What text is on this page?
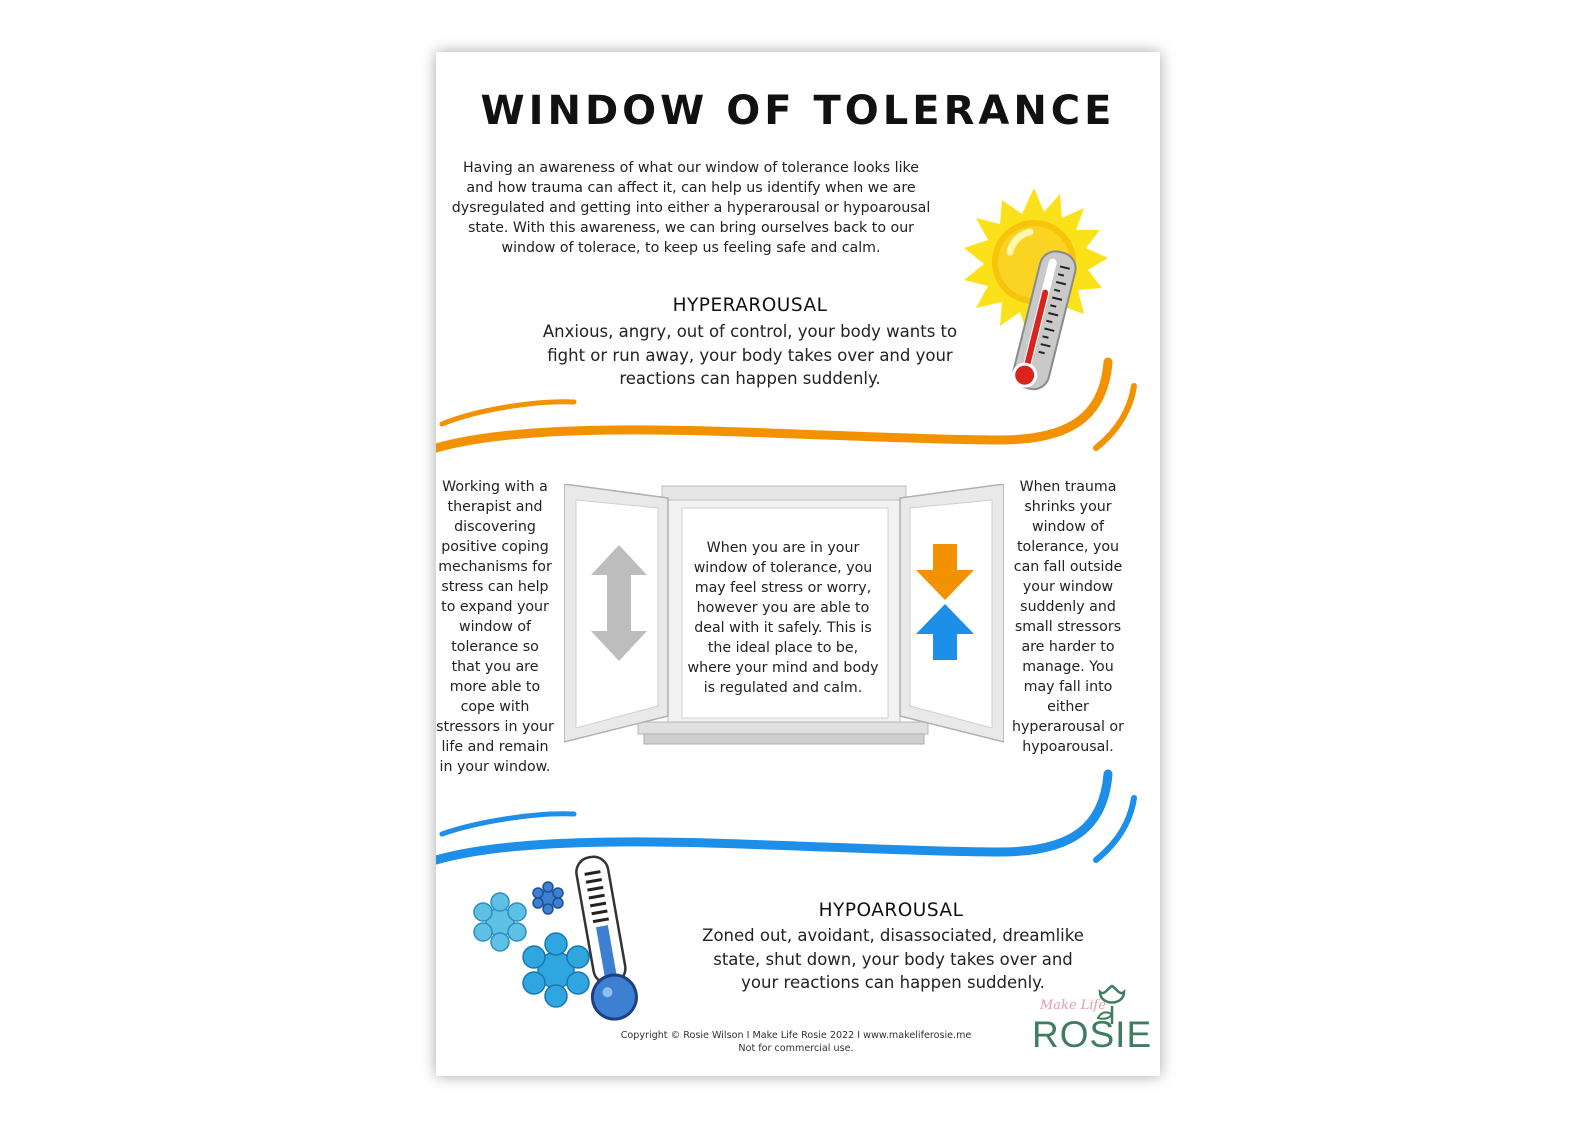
WINDOW OF TOLERANCE
Having an awareness of what our window of tolerance looks like and how trauma can affect it, can help us identify when we are dysregulated and getting into either a hyperarousal or hypoarousal state. With this awareness, we can bring ourselves back to our window of tolerace, to keep us feeling safe and calm.
HYPERAROUSAL
Anxious, angry, out of control, your body wants to fight or run away, your body takes over and your reactions can happen suddenly.
Working with a therapist and discovering positive coping mechanisms for stress can help to expand your window of tolerance so that you are more able to cope with stressors in your life and remain in your window.
When you are in your window of tolerance, you may feel stress or worry, however you are able to deal with it safely. This is the ideal place to be, where your mind and body is regulated and calm.
When trauma shrinks your window of tolerance, you can fall outside your window suddenly and small stressors are harder to manage. You may fall into either hyperarousal or hypoarousal.
HYPOAROUSAL
Zoned out, avoidant, disassociated, dreamlike state, shut down, your body takes over and your reactions can happen suddenly.
Copyright © Rosie Wilson I Make Life Rosie 2022 I www.makeliferosie.me
Not for commercial use.
Make Life
ROSIE
